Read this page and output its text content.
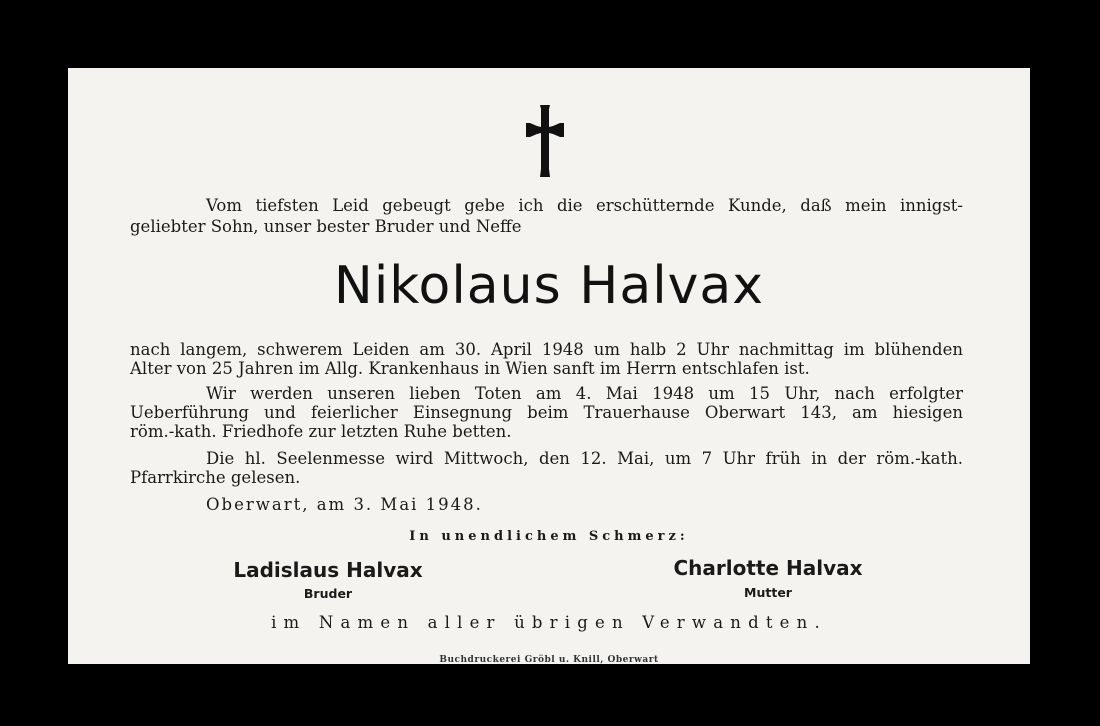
Vom tiefsten Leid gebeugt gebe ich die erschütternde Kunde, daß mein innigst-
geliebter Sohn, unser bester Bruder und Neffe
Nikolaus Halvax
nach langem, schwerem Leiden am 30. April 1948 um halb 2 Uhr nachmittag im blühenden
Alter von 25 Jahren im Allg. Krankenhaus in Wien sanft im Herrn entschlafen ist.
Wir werden unseren lieben Toten am 4. Mai 1948 um 15 Uhr, nach erfolgter
Ueberführung und feierlicher Einsegnung beim Trauerhause Oberwart 143, am hiesigen
röm.-kath. Friedhofe zur letzten Ruhe betten.
Die hl. Seelenmesse wird Mittwoch, den 12. Mai, um 7 Uhr früh in der röm.-kath.
Pfarrkirche gelesen.
Oberwart, am 3. Mai 1948.
In unendlichem Schmerz:
Ladislaus Halvax
Bruder
Charlotte Halvax
Mutter
im Namen aller übrigen Verwandten.
Buchdruckerei Gröbl u. Knill, Oberwart
